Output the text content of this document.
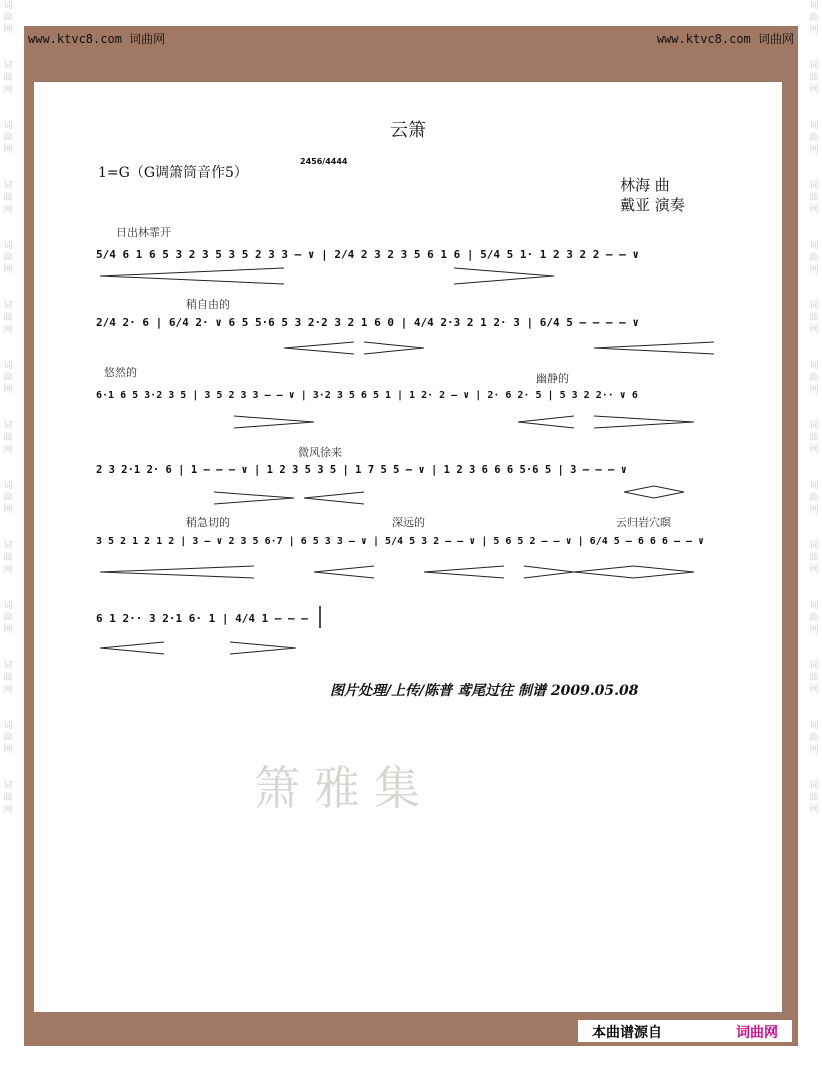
词曲网

词曲网

词曲网

词曲网

词曲网

词曲网

词曲网

词曲网

词曲网

词曲网

词曲网

词曲网

词曲网

词曲网
词曲网

词曲网

词曲网

词曲网

词曲网

词曲网

词曲网

词曲网

词曲网

词曲网

词曲网

词曲网

词曲网

词曲网
www.ktvc8.com 词曲网	www.ktvc8.com 词曲网
云箫
1=G（G调箫筒音作5）
2456/4444
林海 曲
戴亚 演奏
日出林霏开
5/4 6 1 6 5 3 2 3 5 3 5 2 3 3 – ∨ | 2/4 2 3 2 3 5 6 1 6 | 5/4 5 1· 1 2 3 2 2 – – ∨
稍自由的
2/4 2· 6 | 6/4 2· ∨ 6 5 5·6 5 3 2·2 3 2 1 6 0 | 4/4 2·3 2 1 2· 3 | 6/4 5 – – – – ∨
悠然的	幽静的
6·1 6 5 3·2 3 5 | 3 5 2 3 3 – – ∨ | 3·2 3 5 6 5 1 | 1 2· 2 – ∨ | 2· 6 2· 5 | 5 3 2 2·· ∨ 6
微风徐来
2 3 2·1 2· 6 | 1 – – – ∨ | 1 2 3 5 3 5 | 1 7 5 5 – ∨ | 1 2 3 6 6 6 5·6 5 | 3 – – – ∨
稍急切的	深远的	云归岩穴暝
3 5 2 1 2 1 2 | 3 – ∨ 2 3 5 6·7 | 6 5 3 3 – ∨ | 5/4 5 3 2 – – ∨ | 5 6 5 2 – – ∨ | 6/4 5 – 6 6 6 – – ∨
6 1 2·· 3 2·1 6· 1 | 4/4 1 – – –
图片处理/上传/陈普 鸢尾过往 制谱 2009.05.08
箫雅集
本曲谱源自	词曲网
